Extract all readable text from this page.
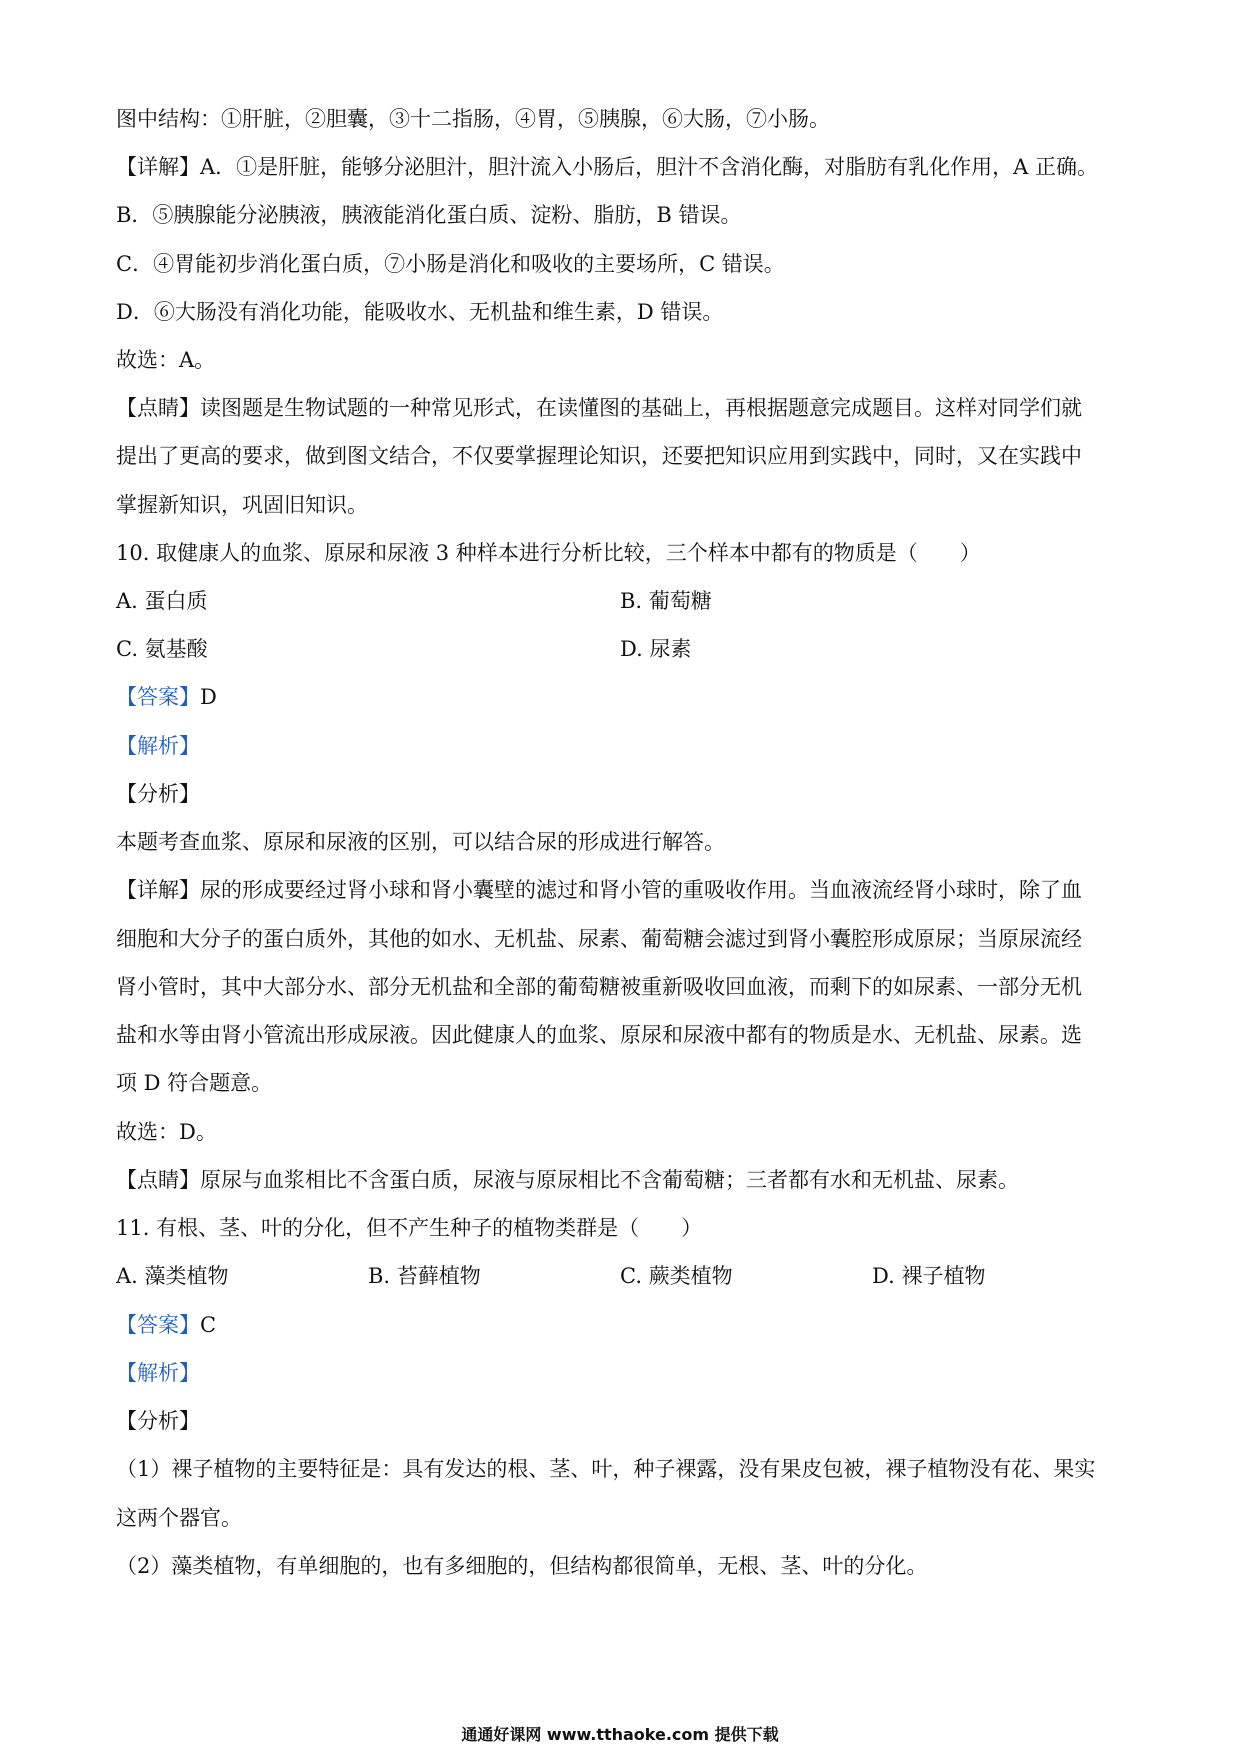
图中结构：①肝脏，②胆囊，③十二指肠，④胃，⑤胰腺，⑥大肠，⑦小肠。
【详解】A．①是肝脏，能够分泌胆汁，胆汁流入小肠后，胆汁不含消化酶，对脂肪有乳化作用，A 正确。
B．⑤胰腺能分泌胰液，胰液能消化蛋白质、淀粉、脂肪，B 错误。
C．④胃能初步消化蛋白质，⑦小肠是消化和吸收的主要场所，C 错误。
D．⑥大肠没有消化功能，能吸收水、无机盐和维生素，D 错误。
故选：A。
【点睛】读图题是生物试题的一种常见形式，在读懂图的基础上，再根据题意完成题目。这样对同学们就
提出了更高的要求，做到图文结合，不仅要掌握理论知识，还要把知识应用到实践中，同时，又在实践中
掌握新知识，巩固旧知识。
10. 取健康人的血浆、原尿和尿液 3 种样本进行分析比较，三个样本中都有的物质是（　　）
A. 蛋白质	B. 葡萄糖
C. 氨基酸	D. 尿素
【答案】D
【解析】
【分析】
本题考查血浆、原尿和尿液的区别，可以结合尿的形成进行解答。
【详解】尿的形成要经过肾小球和肾小囊壁的滤过和肾小管的重吸收作用。当血液流经肾小球时，除了血
细胞和大分子的蛋白质外，其他的如水、无机盐、尿素、葡萄糖会滤过到肾小囊腔形成原尿；当原尿流经
肾小管时，其中大部分水、部分无机盐和全部的葡萄糖被重新吸收回血液，而剩下的如尿素、一部分无机
盐和水等由肾小管流出形成尿液。因此健康人的血浆、原尿和尿液中都有的物质是水、无机盐、尿素。选
项 D 符合题意。
故选：D。
【点睛】原尿与血浆相比不含蛋白质，尿液与原尿相比不含葡萄糖；三者都有水和无机盐、尿素。
11. 有根、茎、叶的分化，但不产生种子的植物类群是（　　）
A. 藻类植物	B. 苔藓植物	C. 蕨类植物	D. 裸子植物
【答案】C
【解析】
【分析】
（1）裸子植物的主要特征是：具有发达的根、茎、叶，种子裸露，没有果皮包被，裸子植物没有花、果实
这两个器官。
（2）藻类植物，有单细胞的，也有多细胞的，但结构都很简单，无根、茎、叶的分化。
通通好课网 www.tthaoke.com 提供下载
